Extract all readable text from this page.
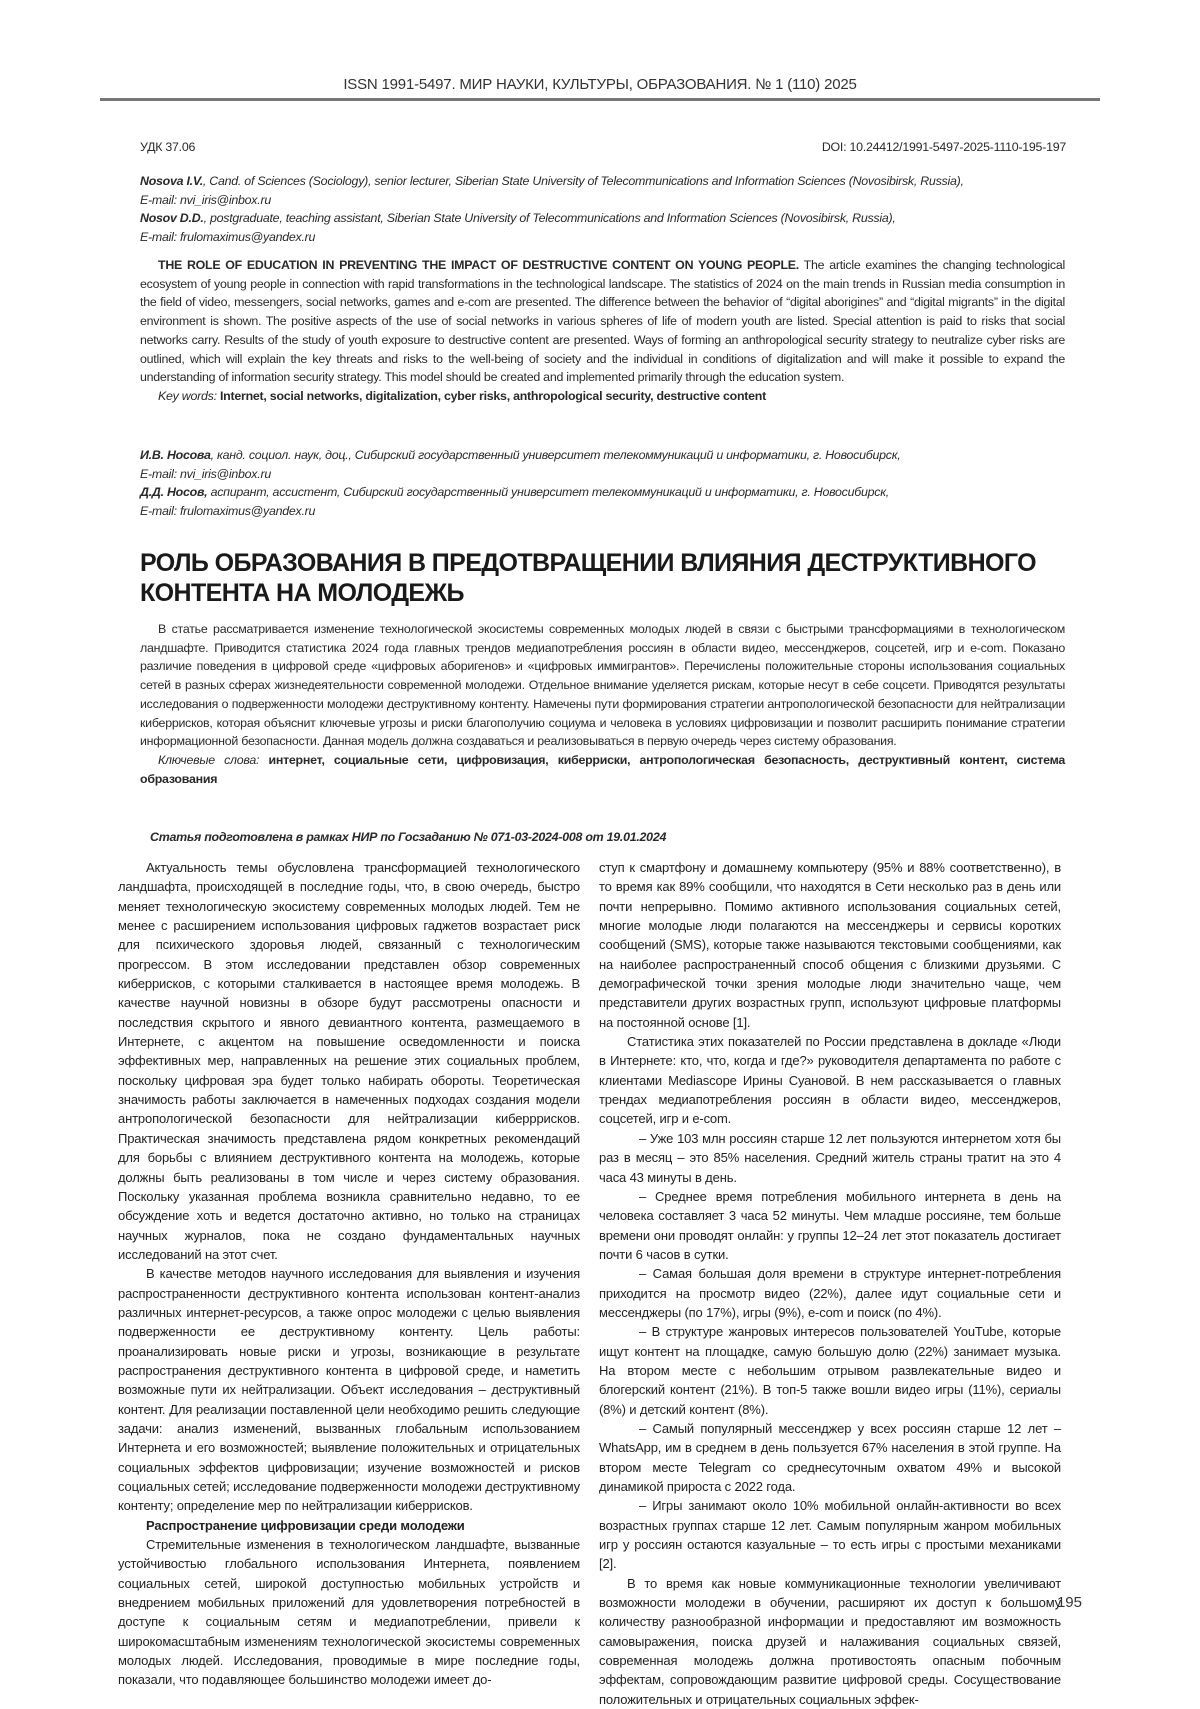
ISSN 1991-5497. МИР НАУКИ, КУЛЬТУРЫ, ОБРАЗОВАНИЯ. № 1 (110) 2025
УДК 37.06	DOI: 10.24412/1991-5497-2025-1110-195-197
Nosova I.V., Cand. of Sciences (Sociology), senior lecturer, Siberian State University of Telecommunications and Information Sciences (Novosibirsk, Russia),
E-mail: nvi_iris@inbox.ru
Nosov D.D., postgraduate, teaching assistant, Siberian State University of Telecommunications and Information Sciences (Novosibirsk, Russia),
E-mail: frulomaximus@yandex.ru

THE ROLE OF EDUCATION IN PREVENTING THE IMPACT OF DESTRUCTIVE CONTENT ON YOUNG PEOPLE. The article examines the changing technological ecosystem of young people in connection with rapid transformations in the technological landscape. The statistics of 2024 on the main trends in Russian media consumption in the field of video, messengers, social networks, games and e-com are presented. The difference between the behavior of “digital aborigines” and “digital migrants” in the digital environment is shown. The positive aspects of the use of social networks in various spheres of life of modern youth are listed. Special attention is paid to risks that social networks carry. Results of the study of youth exposure to destructive content are presented. Ways of forming an anthropological security strategy to neutralize cyber risks are outlined, which will explain the key threats and risks to the well-being of society and the individual in conditions of digitalization and will make it possible to expand the understanding of information security strategy. This model should be created and implemented primarily through the education system.

Key words: Internet, social networks, digitalization, cyber risks, anthropological security, destructive content

И.В. Носова, канд. социол. наук, доц., Сибирский государственный университет телекоммуникаций и информатики, г. Новосибирск,
E-mail: nvi_iris@inbox.ru
Д.Д. Носов, аспирант, ассистент, Сибирский государственный университет телекоммуникаций и информатики, г. Новосибирск,
E-mail: frulomaximus@yandex.ru
РОЛЬ ОБРАЗОВАНИЯ В ПРЕДОТВРАЩЕНИИ ВЛИЯНИЯ ДЕСТРУКТИВНОГО КОНТЕНТА НА МОЛОДЕЖЬ

В статье рассматривается изменение технологической экосистемы современных молодых людей в связи с быстрыми трансформациями в технологическом ландшафте. Приводится статистика 2024 года главных трендов медиапотребления россиян в области видео, мессенджеров, соцсетей, игр и e-com. Показано различие поведения в цифровой среде «цифровых аборигенов» и «цифровых иммигрантов». Перечислены положительные стороны использования социальных сетей в разных сферах жизнедеятельности современной молодежи. Отдельное внимание уделяется рискам, которые несут в себе соцсети. Приводятся результаты исследования о подверженности молодежи деструктивному контенту. Намечены пути формирования стратегии антропологической безопасности для нейтрализации киберрисков, которая объяснит ключевые угрозы и риски благополучию социума и человека в условиях цифровизации и позволит расширить понимание стратегии информационной безопасности. Данная модель должна создаваться и реализовываться в первую очередь через систему образования.

Ключевые слова: интернет, социальные сети, цифровизация, киберриски, антропологическая безопасность, деструктивный контент, система образования

Статья подготовлена в рамках НИР по Госзаданию № 071-03-2024-008 от 19.01.2024

Актуальность темы обусловлена трансформацией технологического ландшафта, происходящей в последние годы, что, в свою очередь, быстро меняет технологическую экосистему современных молодых людей. Тем не менее с расширением использования цифровых гаджетов возрастает риск для психического здоровья людей, связанный с технологическим прогрессом. В этом исследовании представлен обзор современных киберрисков, с которыми сталкивается в настоящее время молодежь. В качестве научной новизны в обзоре будут рассмотрены опасности и последствия скрытого и явного девиантного контента, размещаемого в Интернете, с акцентом на повышение осведомленности и поиска эффективных мер, направленных на решение этих социальных проблем, поскольку цифровая эра будет только набирать обороты. Теоретическая значимость работы заключается в намеченных подходах создания модели антропологической безопасности для нейтрализации киберррисков. Практическая значимость представлена рядом конкретных рекомендаций для борьбы с влиянием деструктивного контента на молодежь, которые должны быть реализованы в том числе и через систему образования. Поскольку указанная проблема возникла сравнительно недавно, то ее обсуждение хоть и ведется достаточно активно, но только на страницах научных журналов, пока не создано фундаментальных научных исследований на этот счет.

В качестве методов научного исследования для выявления и изучения распространенности деструктивного контента использован контент-анализ различных интернет-ресурсов, а также опрос молодежи с целью выявления подверженности ее деструктивному контенту. Цель работы: проанализировать новые риски и угрозы, возникающие в результате распространения деструктивного контента в цифровой среде, и наметить возможные пути их нейтрализации. Объект исследования – деструктивный контент. Для реализации поставленной цели необходимо решить следующие задачи: анализ изменений, вызванных глобальным использованием Интернета и его возможностей; выявление положительных и отрицательных социальных эффектов цифровизации; изучение возможностей и рисков социальных сетей; исследование подверженности молодежи деструктивному контенту; определение мер по нейтрализации киберрисков.

Распространение цифровизации среди молодежи

Стремительные изменения в технологическом ландшафте, вызванные устойчивостью глобального использования Интернета, появлением социальных сетей, широкой доступностью мобильных устройств и внедрением мобильных приложений для удовлетворения потребностей в доступе к социальным сетям и медиапотреблении, привели к широкомасштабным изменениям технологической экосистемы современных молодых людей. Исследования, проводимые в мире последние годы, показали, что подавляющее большинство молодежи имеет до-

ступ к смартфону и домашнему компьютеру (95% и 88% соответственно), в то время как 89% сообщили, что находятся в Сети несколько раз в день или почти непрерывно. Помимо активного использования социальных сетей, многие молодые люди полагаются на мессенджеры и сервисы коротких сообщений (SMS), которые также называются текстовыми сообщениями, как на наиболее распространенный способ общения с близкими друзьями. С демографической точки зрения молодые люди значительно чаще, чем представители других возрастных групп, используют цифровые платформы на постоянной основе [1].

Статистика этих показателей по России представлена в докладе «Люди в Интернете: кто, что, когда и где?» руководителя департамента по работе с клиентами Mediascope Ирины Суановой. В нем рассказывается о главных трендах медиапотребления россиян в области видео, мессенджеров, соцсетей, игр и e-com.

– Уже 103 млн россиян старше 12 лет пользуются интернетом хотя бы раз в месяц – это 85% населения. Средний житель страны тратит на это 4 часа 43 минуты в день.

– Среднее время потребления мобильного интернета в день на человека составляет 3 часа 52 минуты. Чем младше россияне, тем больше времени они проводят онлайн: у группы 12–24 лет этот показатель достигает почти 6 часов в сутки.

– Самая большая доля времени в структуре интернет-потребления приходится на просмотр видео (22%), далее идут социальные сети и мессенджеры (по 17%), игры (9%), e-com и поиск (по 4%).

– В структуре жанровых интересов пользователей YouTube, которые ищут контент на площадке, самую большую долю (22%) занимает музыка. На втором месте с небольшим отрывом развлекательные видео и блогерский контент (21%). В топ-5 также вошли видео игры (11%), сериалы (8%) и детский контент (8%).

– Самый популярный мессенджер у всех россиян старше 12 лет – WhatsApp, им в среднем в день пользуется 67% населения в этой группе. На втором месте Telegram со среднесуточным охватом 49% и высокой динамикой прироста с 2022 года.

– Игры занимают около 10% мобильной онлайн-активности во всех возрастных группах старше 12 лет. Самым популярным жанром мобильных игр у россиян остаются казуальные – то есть игры с простыми механиками [2].

В то время как новые коммуникационные технологии увеличивают возможности молодежи в обучении, расширяют их доступ к большому количеству разнообразной информации и предоставляют им возможность самовыражения, поиска друзей и налаживания социальных связей, современная молодежь должна противостоять опасным побочным эффектам, сопровождающим развитие цифровой среды. Сосуществование положительных и отрицательных социальных эффек-

195
